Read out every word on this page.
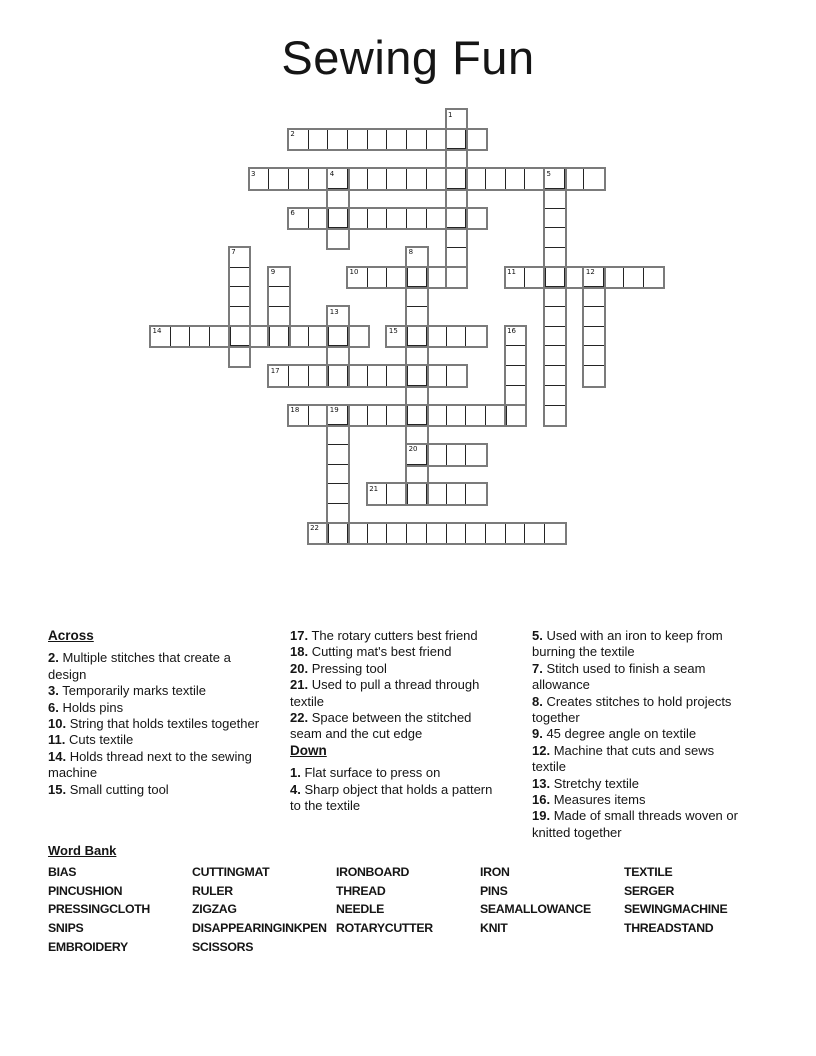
Sewing Fun
1
2
3	4	5
6
7	8
9	10	11	12
13
14	15	16
17
18	19
20
21
22
Across
2. Multiple stitches that create a design
3. Temporarily marks textile
6. Holds pins
10. String that holds textiles together
11. Cuts textile
14. Holds thread next to the sewing machine
15. Small cutting tool
17. The rotary cutters best friend
18. Cutting mat's best friend
20. Pressing tool
21. Used to pull a thread through textile
22. Space between the stitched seam and the cut edge
Down
1. Flat surface to press on
4. Sharp object that holds a pattern to the textile
5. Used with an iron to keep from burning the textile
7. Stitch used to finish a seam allowance
8. Creates stitches to hold projects together
9. 45 degree angle on textile
12. Machine that cuts and sews textile
13. Stretchy textile
16. Measures items
19. Made of small threads woven or knitted together
Word Bank
BIAS
PINCUSHION
PRESSINGCLOTH
SNIPS
EMBROIDERY
CUTTINGMAT
RULER
ZIGZAG
DISAPPEARINGINKPEN
SCISSORS
IRONBOARD
THREAD
NEEDLE
ROTARYCUTTER
IRON
PINS
SEAMALLOWANCE
KNIT
TEXTILE
SERGER
SEWINGMACHINE
THREADSTAND
